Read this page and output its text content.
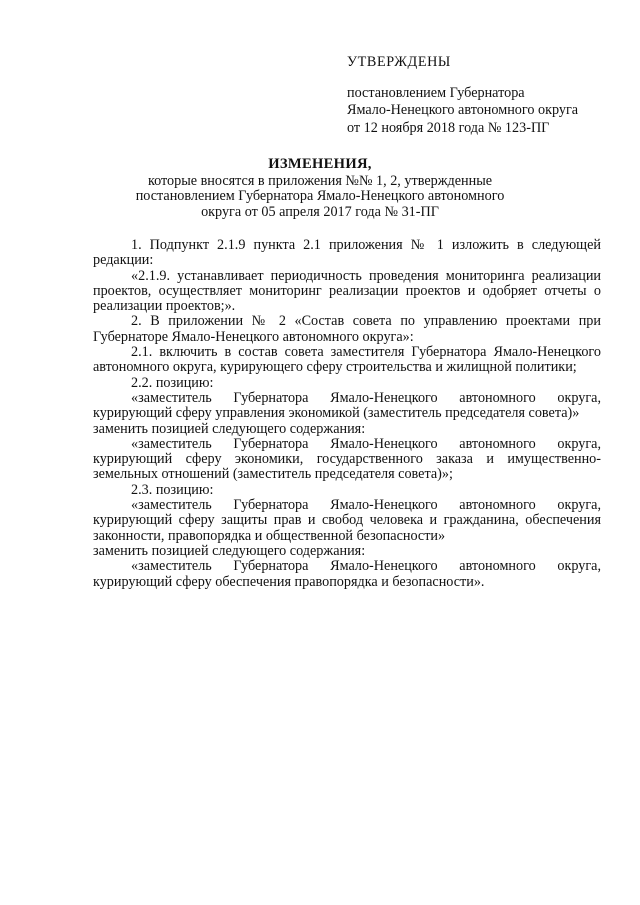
УТВЕРЖДЕНЫ
постановлением Губернатора
Ямало-Ненецкого автономного округа
от 12 ноября 2018 года № 123-ПГ
ИЗМЕНЕНИЯ,
которые вносятся в приложения №№ 1, 2, утвержденные
постановлением Губернатора Ямало-Ненецкого автономного
округа от 05 апреля 2017 года № 31-ПГ

1. Подпункт 2.1.9 пункта 2.1 приложения № 1 изложить в следующей редакции:

«2.1.9. устанавливает периодичность проведения мониторинга реализации проектов, осуществляет мониторинг реализации проектов и одобряет отчеты о реализации проектов;».

2. В приложении № 2 «Состав совета по управлению проектами при Губернаторе Ямало-Ненецкого автономного округа»:

2.1. включить в состав совета заместителя Губернатора Ямало-Ненецкого автономного округа, курирующего сферу строительства и жилищной политики;

2.2. позицию:

«заместитель Губернатора Ямало-Ненецкого автономного округа, курирующий сферу управления экономикой (заместитель председателя совета)»

заменить позицией следующего содержания:

«заместитель Губернатора Ямало-Ненецкого автономного округа, курирующий сферу экономики, государственного заказа и имущественно-земельных отношений (заместитель председателя совета)»;

2.3. позицию:

«заместитель Губернатора Ямало-Ненецкого автономного округа, курирующий сферу защиты прав и свобод человека и гражданина, обеспечения законности, правопорядка и общественной безопасности»

заменить позицией следующего содержания:

«заместитель Губернатора Ямало-Ненецкого автономного округа, курирующий сферу обеспечения правопорядка и безопасности».
